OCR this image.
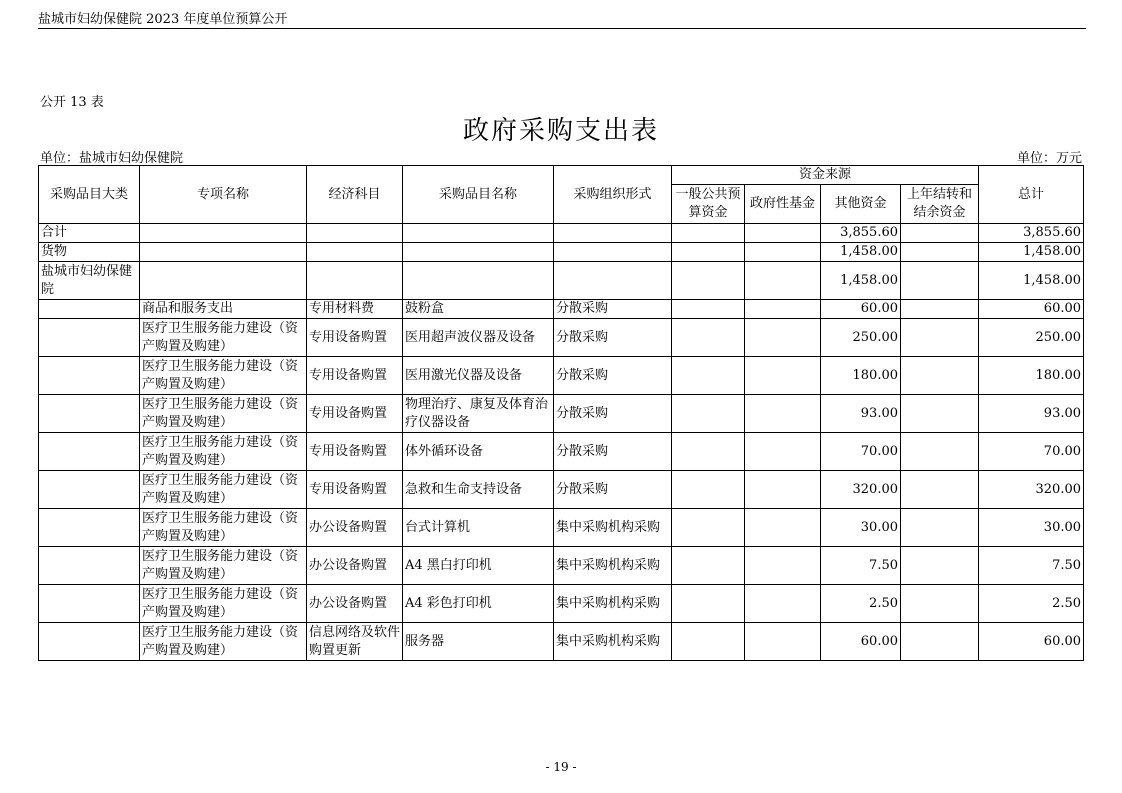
盐城市妇幼保健院 2023 年度单位预算公开
公开 13 表
政府采购支出表
单位：盐城市妇幼保健院	单位：万元
采购品目大类	专项名称	经济科目	采购品目名称	采购组织形式	资金来源				总计
					一般公共预算资金	政府性基金	其他资金	上年结转和结余资金	
合计							3,855.60		3,855.60
货物							1,458.00		1,458.00
盐城市妇幼保健院							1,458.00		1,458.00
	商品和服务支出	专用材料费	鼓粉盒	分散采购			60.00		60.00
	医疗卫生服务能力建设（资产购置及购建）	专用设备购置	医用超声波仪器及设备	分散采购			250.00		250.00
	医疗卫生服务能力建设（资产购置及购建）	专用设备购置	医用激光仪器及设备	分散采购			180.00		180.00
	医疗卫生服务能力建设（资产购置及购建）	专用设备购置	物理治疗、康复及体育治疗仪器设备	分散采购			93.00		93.00
	医疗卫生服务能力建设（资产购置及购建）	专用设备购置	体外循环设备	分散采购			70.00		70.00
	医疗卫生服务能力建设（资产购置及购建）	专用设备购置	急救和生命支持设备	分散采购			320.00		320.00
	医疗卫生服务能力建设（资产购置及购建）	办公设备购置	台式计算机	集中采购机构采购			30.00		30.00
	医疗卫生服务能力建设（资产购置及购建）	办公设备购置	A4 黑白打印机	集中采购机构采购			7.50		7.50
	医疗卫生服务能力建设（资产购置及购建）	办公设备购置	A4 彩色打印机	集中采购机构采购			2.50		2.50
	医疗卫生服务能力建设（资产购置及购建）	信息网络及软件购置更新	服务器	集中采购机构采购			60.00		60.00
- 19 -
